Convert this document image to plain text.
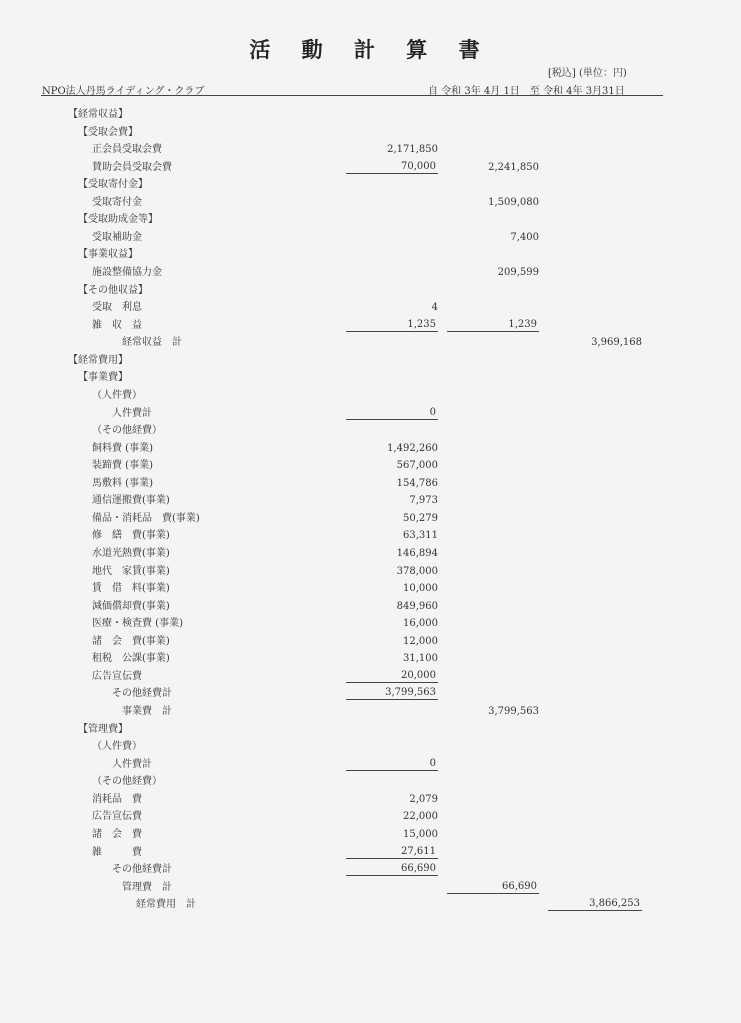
活 動 計 算 書
[税込] (単位：円)
NPO法人丹馬ライディング・クラブ	自 令和 3年 4月 1日　至 令和 4年 3月31日
【経常収益】
【受取会費】
正会員受取会費	2,171,850
賛助会員受取会費	70,000	2,241,850
【受取寄付金】
受取寄付金	1,509,080
【受取助成金等】
受取補助金	7,400
【事業収益】
施設整備協力金	209,599
【その他収益】
受取　利息	4
雑　収　益	1,235	1,239
経常収益　計	3,969,168
【経常費用】
【事業費】
（人件費）
人件費計	0
（その他経費）
飼料費 (事業)	1,492,260
装蹄費 (事業)	567,000
馬敷料 (事業)	154,786
通信運搬費(事業)	7,973
備品・消耗品　費(事業)	50,279
修　繕　費(事業)	63,311
水道光熱費(事業)	146,894
地代　家賃(事業)	378,000
賃　借　料(事業)	10,000
減価償却費(事業)	849,960
医療・検査費 (事業)	16,000
諸　会　費(事業)	12,000
租税　公課(事業)	31,100
広告宣伝費	20,000
その他経費計	3,799,563
事業費　計	3,799,563
【管理費】
（人件費）
人件費計	0
（その他経費）
消耗品　費	2,079
広告宣伝費	22,000
諸　会　費	15,000
雑　　　費	27,611
その他経費計	66,690
管理費　計	66,690
経常費用　計	3,866,253
